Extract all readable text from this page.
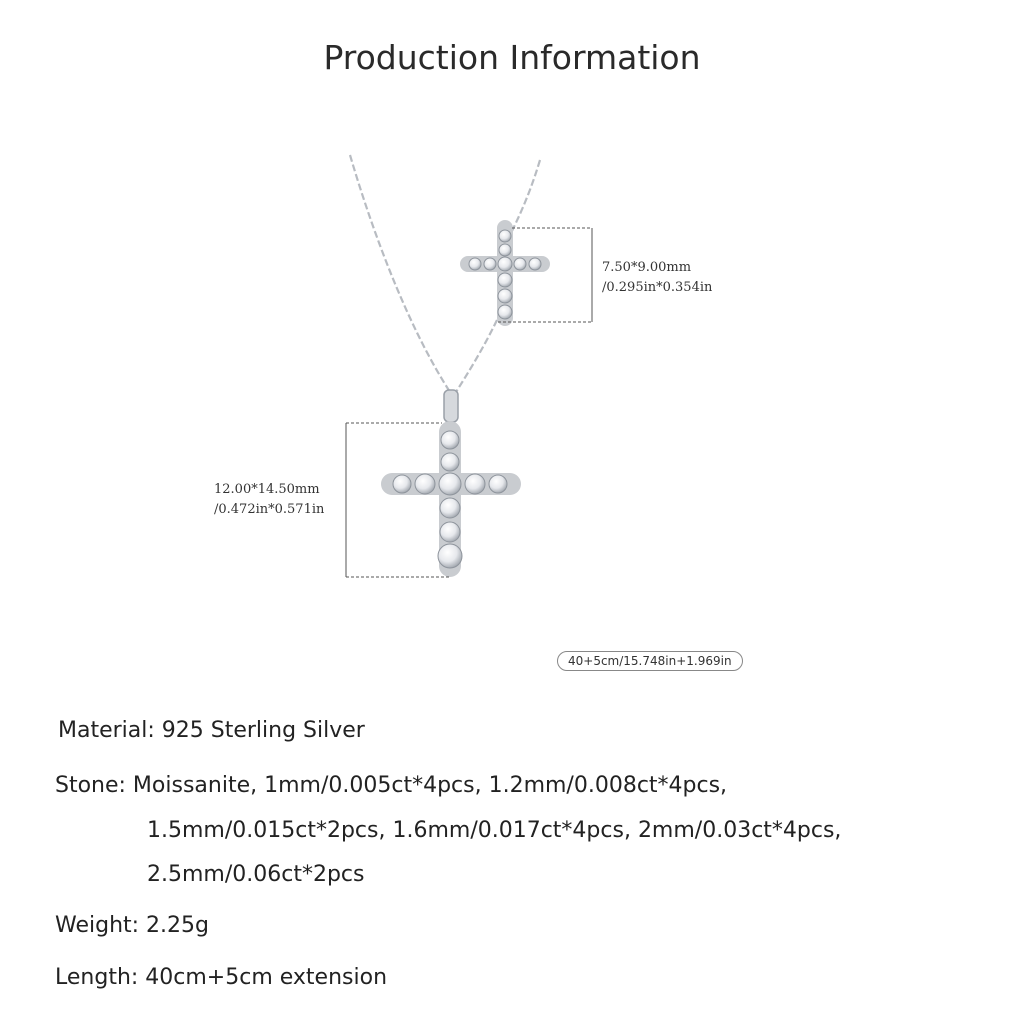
Production Information
7.50*9.00mm
/0.295in*0.354in
12.00*14.50mm
/0.472in*0.571in
40+5cm/15.748in+1.969in
Material: 925 Sterling Silver
Stone: Moissanite, 1mm/0.005ct*4pcs, 1.2mm/0.008ct*4pcs,
1.5mm/0.015ct*2pcs, 1.6mm/0.017ct*4pcs, 2mm/0.03ct*4pcs,
2.5mm/0.06ct*2pcs
Weight: 2.25g
Length: 40cm+5cm extension
